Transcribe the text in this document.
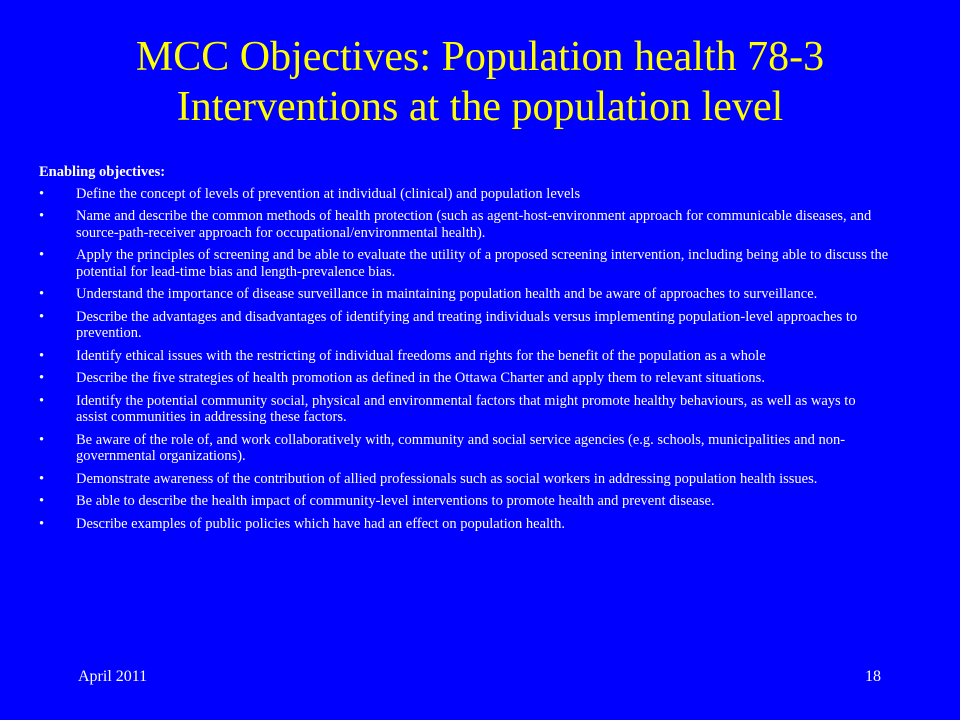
MCC Objectives: Population health 78-3
Interventions at the population level
Enabling objectives:
• Define the concept of levels of prevention at individual (clinical) and population levels
• Name and describe the common methods of health protection (such as agent-host-environment approach for communicable diseases, and source-path-receiver approach for occupational/environmental health).
• Apply the principles of screening and be able to evaluate the utility of a proposed screening intervention, including being able to discuss the potential for lead-time bias and length-prevalence bias.
• Understand the importance of disease surveillance in maintaining population health and be aware of approaches to surveillance.
• Describe the advantages and disadvantages of identifying and treating individuals versus implementing population-level approaches to prevention.
• Identify ethical issues with the restricting of individual freedoms and rights for the benefit of the population as a whole
• Describe the five strategies of health promotion as defined in the Ottawa Charter and apply them to relevant situations.
• Identify the potential community social, physical and environmental factors that might promote healthy behaviours, as well as ways to assist communities in addressing these factors.
• Be aware of the role of, and work collaboratively with, community and social service agencies (e.g. schools, municipalities and non-governmental organizations).
• Demonstrate awareness of the contribution of allied professionals such as social workers in addressing population health issues.
• Be able to describe the health impact of community-level interventions to promote health and prevent disease.
• Describe examples of public policies which have had an effect on population health.
April 2011	18
